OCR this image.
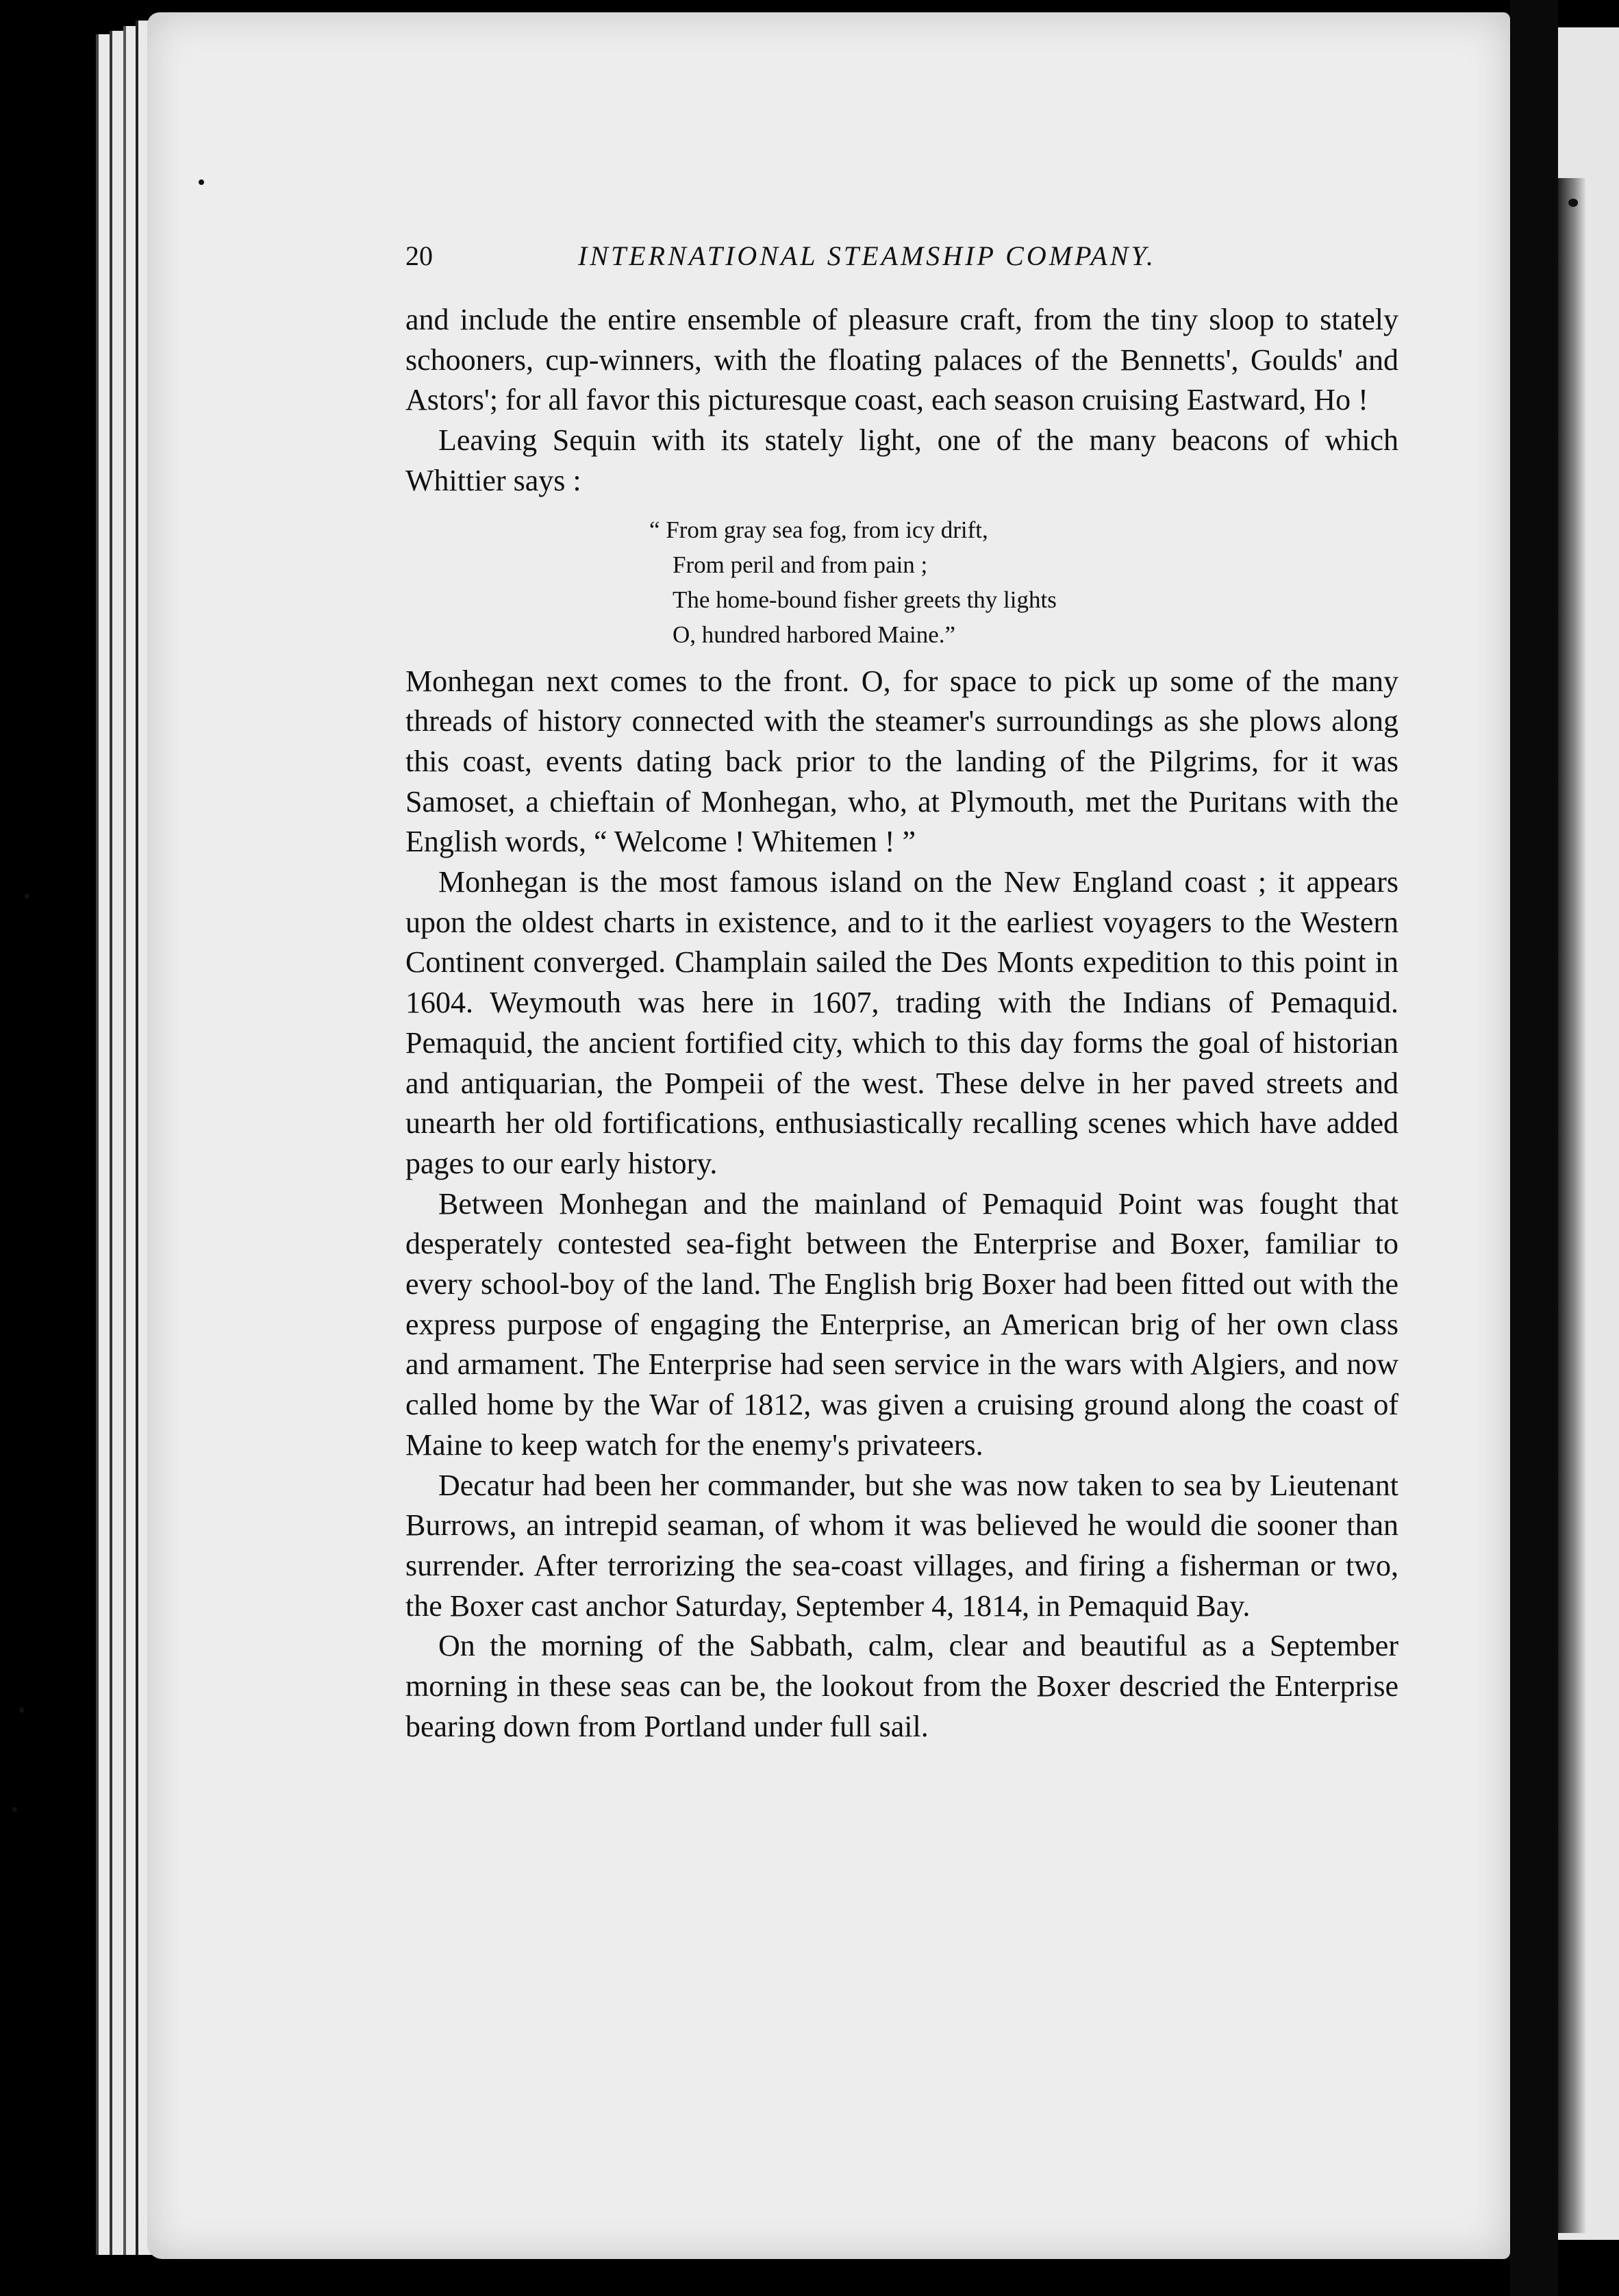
20	INTERNATIONAL STEAMSHIP COMPANY.

and include the entire ensemble of pleasure craft, from the tiny sloop to stately schooners, cup-winners, with the floating palaces of the Bennetts', Goulds' and Astors'; for all favor this picturesque coast, each season cruising Eastward, Ho !

Leaving Sequin with its stately light, one of the many beacons of which Whittier says :

“ From gray sea fog, from icy drift,
From peril and from pain ;
The home-bound fisher greets thy lights
O, hundred harbored Maine.”

Monhegan next comes to the front. O, for space to pick up some of the many threads of history connected with the steamer's surroundings as she plows along this coast, events dating back prior to the landing of the Pilgrims, for it was Samoset, a chieftain of Monhegan, who, at Plymouth, met the Puritans with the English words, “ Welcome ! Whitemen ! ”

Monhegan is the most famous island on the New England coast ; it appears upon the oldest charts in existence, and to it the earliest voyagers to the Western Continent converged. Champlain sailed the Des Monts expedition to this point in 1604. Weymouth was here in 1607, trading with the Indians of Pemaquid. Pemaquid, the ancient fortified city, which to this day forms the goal of historian and antiquarian, the Pompeii of the west. These delve in her paved streets and unearth her old fortifications, enthusiastically recalling scenes which have added pages to our early history.

Between Monhegan and the mainland of Pemaquid Point was fought that desperately contested sea-fight between the Enterprise and Boxer, familiar to every school-boy of the land. The English brig Boxer had been fitted out with the express purpose of engaging the Enterprise, an American brig of her own class and armament. The Enterprise had seen service in the wars with Algiers, and now called home by the War of 1812, was given a cruising ground along the coast of Maine to keep watch for the enemy's privateers.

Decatur had been her commander, but she was now taken to sea by Lieutenant Burrows, an intrepid seaman, of whom it was believed he would die sooner than surrender. After terrorizing the sea-coast villages, and firing a fisherman or two, the Boxer cast anchor Saturday, September 4, 1814, in Pemaquid Bay.

On the morning of the Sabbath, calm, clear and beautiful as a September morning in these seas can be, the lookout from the Boxer descried the Enterprise bearing down from Portland under full sail.
